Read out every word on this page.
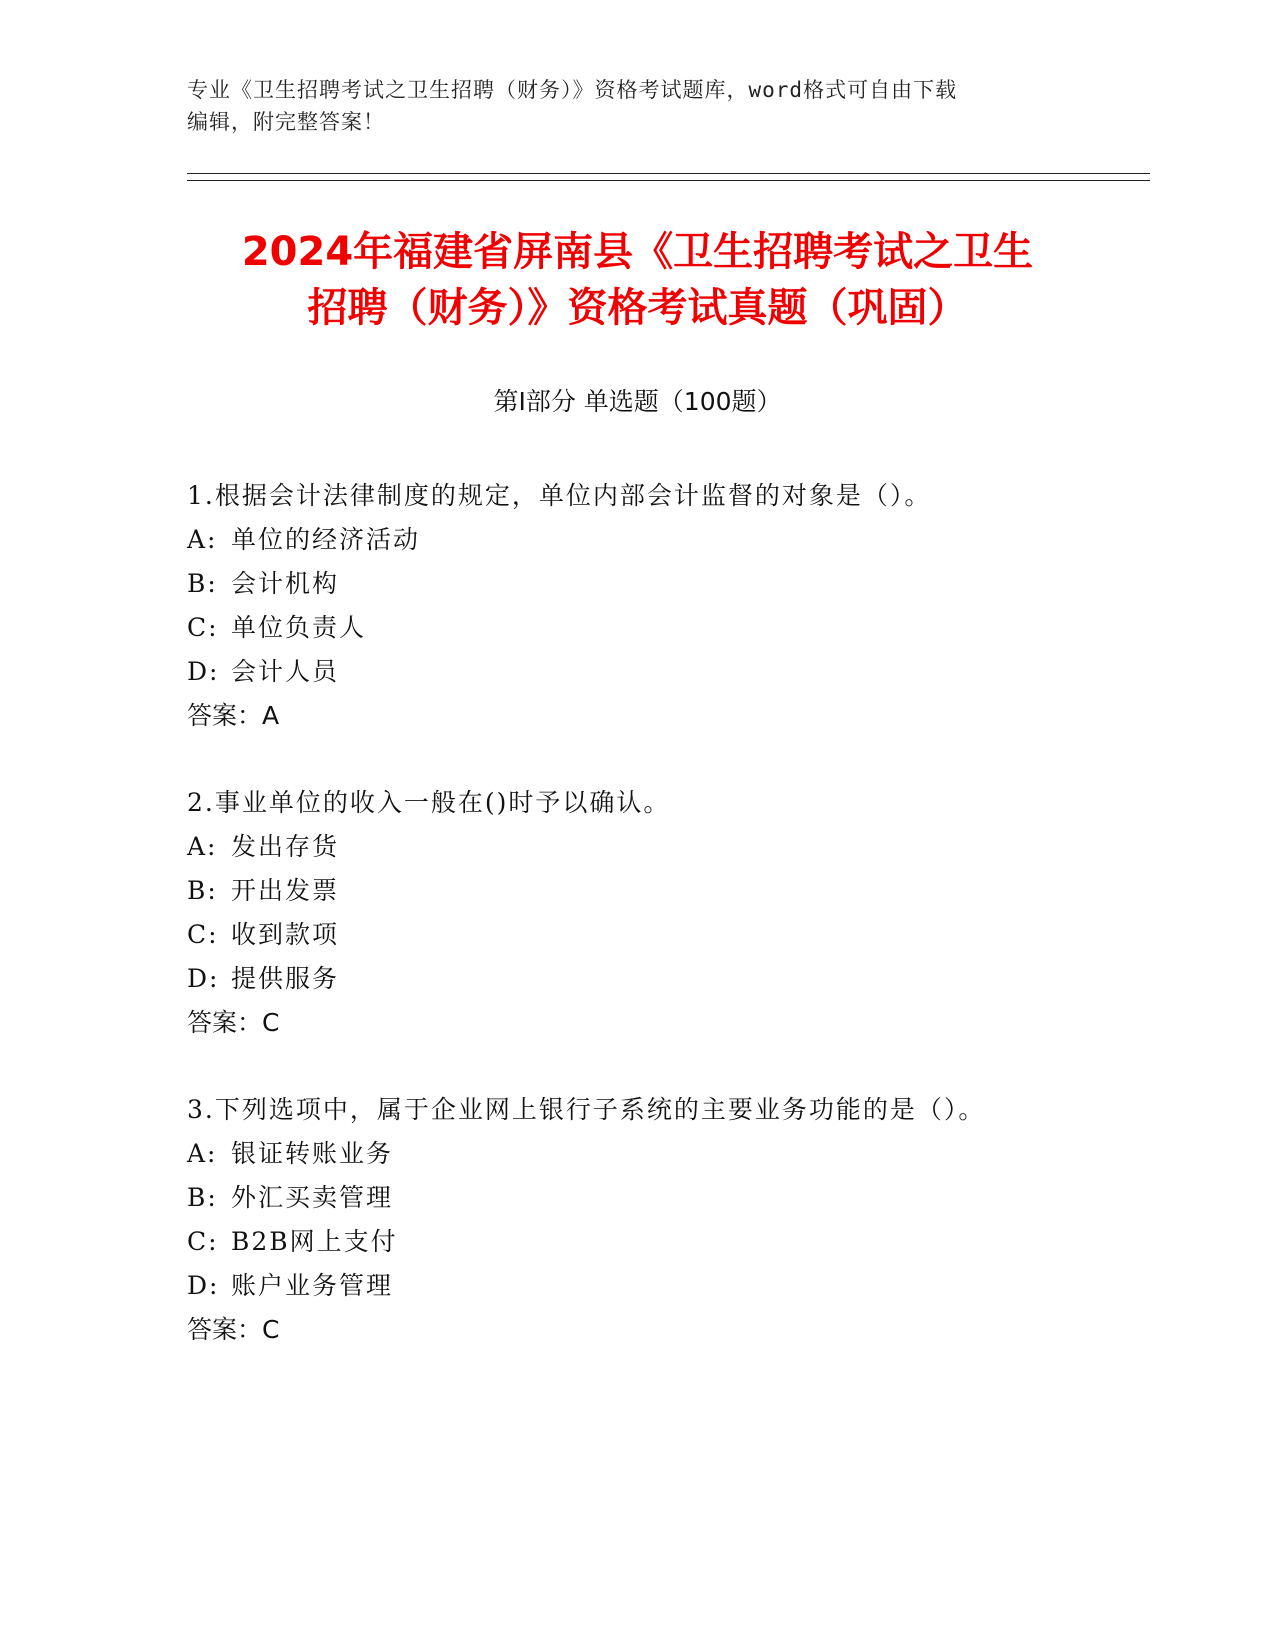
专业《卫生招聘考试之卫生招聘（财务）》资格考试题库，word格式可自由下载
编辑，附完整答案！
2024年福建省屏南县《卫生招聘考试之卫生
招聘（财务）》资格考试真题（巩固）
第Ⅰ部分 单选题（100题）
1.根据会计法律制度的规定，单位内部会计监督的对象是（）。
A: 单位的经济活动
B: 会计机构
C: 单位负责人
D: 会计人员
答案：A
2.事业单位的收入一般在()时予以确认。
A: 发出存货
B: 开出发票
C: 收到款项
D: 提供服务
答案：C
3.下列选项中，属于企业网上银行子系统的主要业务功能的是（）。
A: 银证转账业务
B: 外汇买卖管理
C: B2B网上支付
D: 账户业务管理
答案：C
